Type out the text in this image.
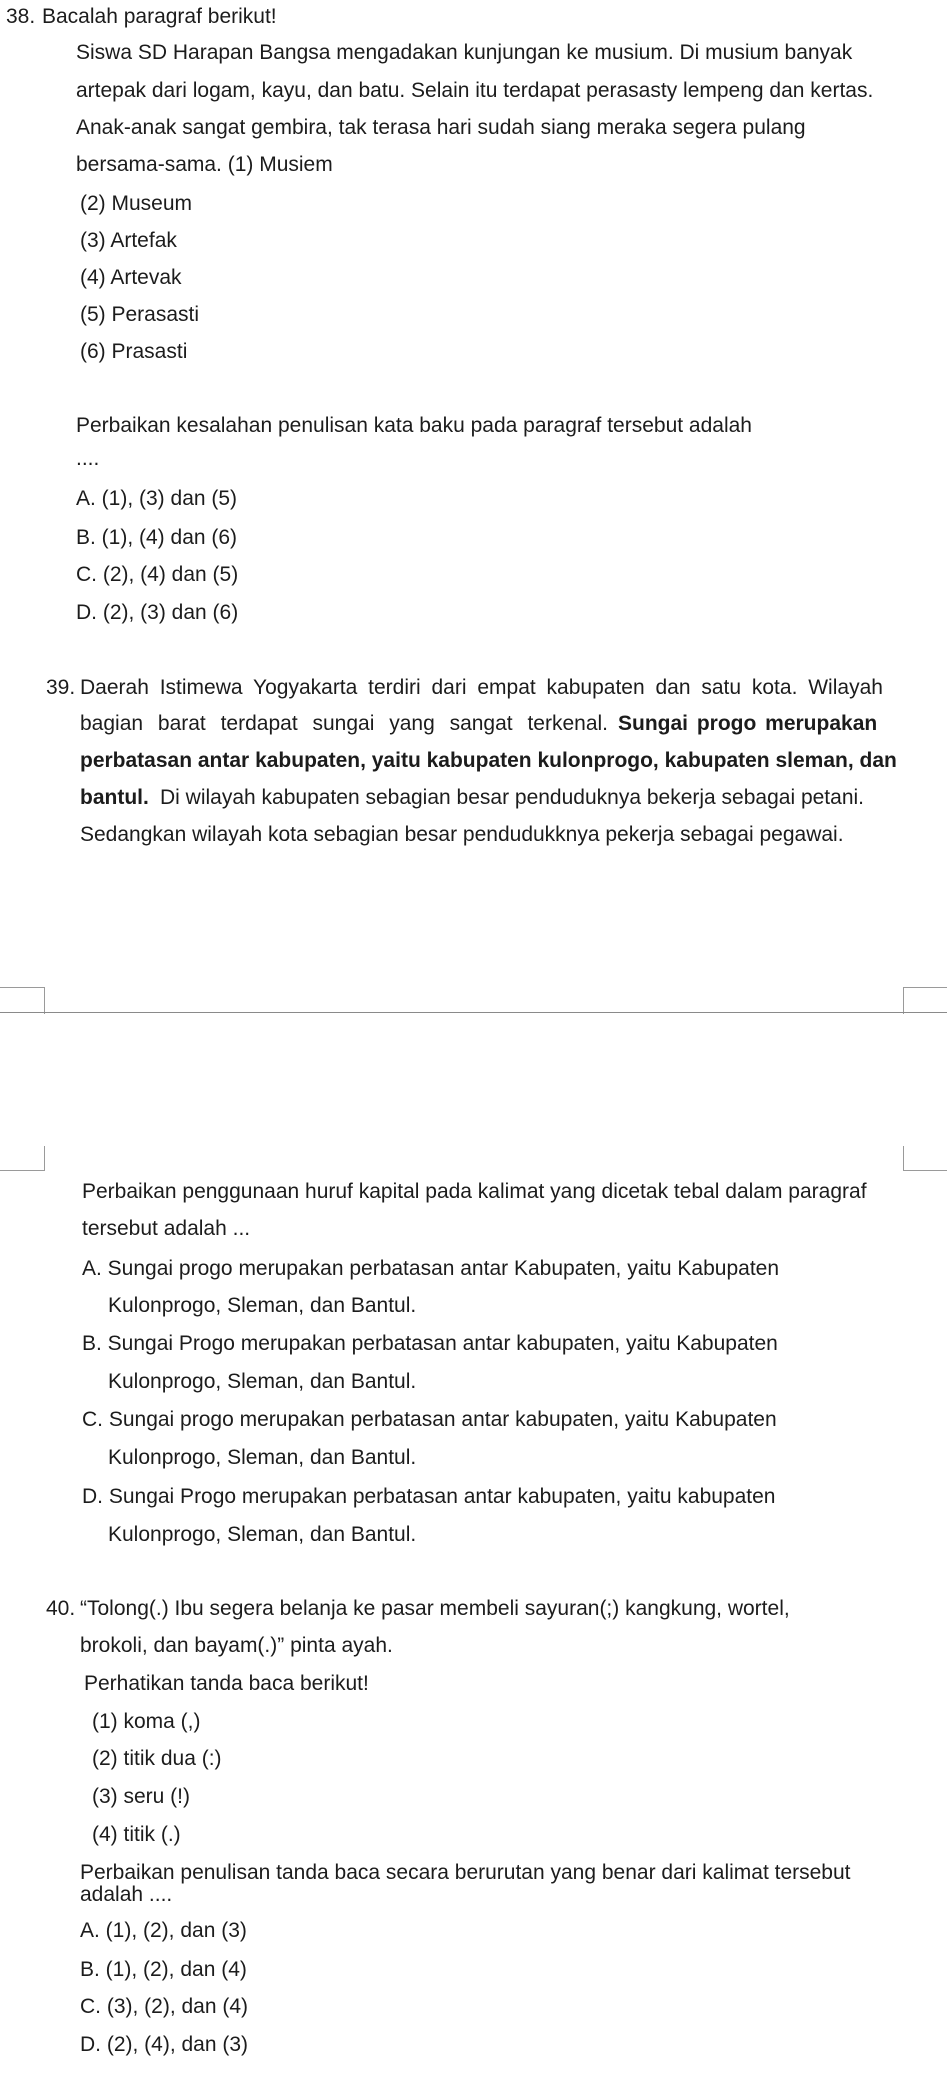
38. Bacalah paragraf berikut!
Siswa SD Harapan Bangsa mengadakan kunjungan ke musium. Di musium banyak
artepak dari logam, kayu, dan batu. Selain itu terdapat perasasty lempeng dan kertas.
Anak-anak sangat gembira, tak terasa hari sudah siang meraka segera pulang
bersama-sama. (1) Musiem
(2) Museum
(3) Artefak
(4) Artevak
(5) Perasasti
(6) Prasasti
Perbaikan kesalahan penulisan kata baku pada paragraf tersebut adalah
....
A. (1), (3) dan (5)
B. (1), (4) dan (6)
C. (2), (4) dan (5)
D. (2), (3) dan (6)
39. Daerah Istimewa Yogyakarta terdiri dari empat kabupaten dan satu kota. Wilayah
bagian barat terdapat sungai yang sangat terkenal. Sungai progo merupakan
perbatasan antar kabupaten, yaitu kabupaten kulonprogo, kabupaten sleman, dan
bantul. Di wilayah kabupaten sebagian besar penduduknya bekerja sebagai petani.
Sedangkan wilayah kota sebagian besar pendudukknya pekerja sebagai pegawai.
Perbaikan penggunaan huruf kapital pada kalimat yang dicetak tebal dalam paragraf
tersebut adalah ...
A. Sungai progo merupakan perbatasan antar Kabupaten, yaitu Kabupaten
Kulonprogo, Sleman, dan Bantul.
B. Sungai Progo merupakan perbatasan antar kabupaten, yaitu Kabupaten
Kulonprogo, Sleman, dan Bantul.
C. Sungai progo merupakan perbatasan antar kabupaten, yaitu Kabupaten
Kulonprogo, Sleman, dan Bantul.
D. Sungai Progo merupakan perbatasan antar kabupaten, yaitu kabupaten
Kulonprogo, Sleman, dan Bantul.
40. “Tolong(.) Ibu segera belanja ke pasar membeli sayuran(;) kangkung, wortel,
brokoli, dan bayam(.)” pinta ayah.
Perhatikan tanda baca berikut!
(1) koma (,)
(2) titik dua (:)
(3) seru (!)
(4) titik (.)
Perbaikan penulisan tanda baca secara berurutan yang benar dari kalimat tersebut
adalah ....
A. (1), (2), dan (3)
B. (1), (2), dan (4)
C. (3), (2), dan (4)
D. (2), (4), dan (3)
